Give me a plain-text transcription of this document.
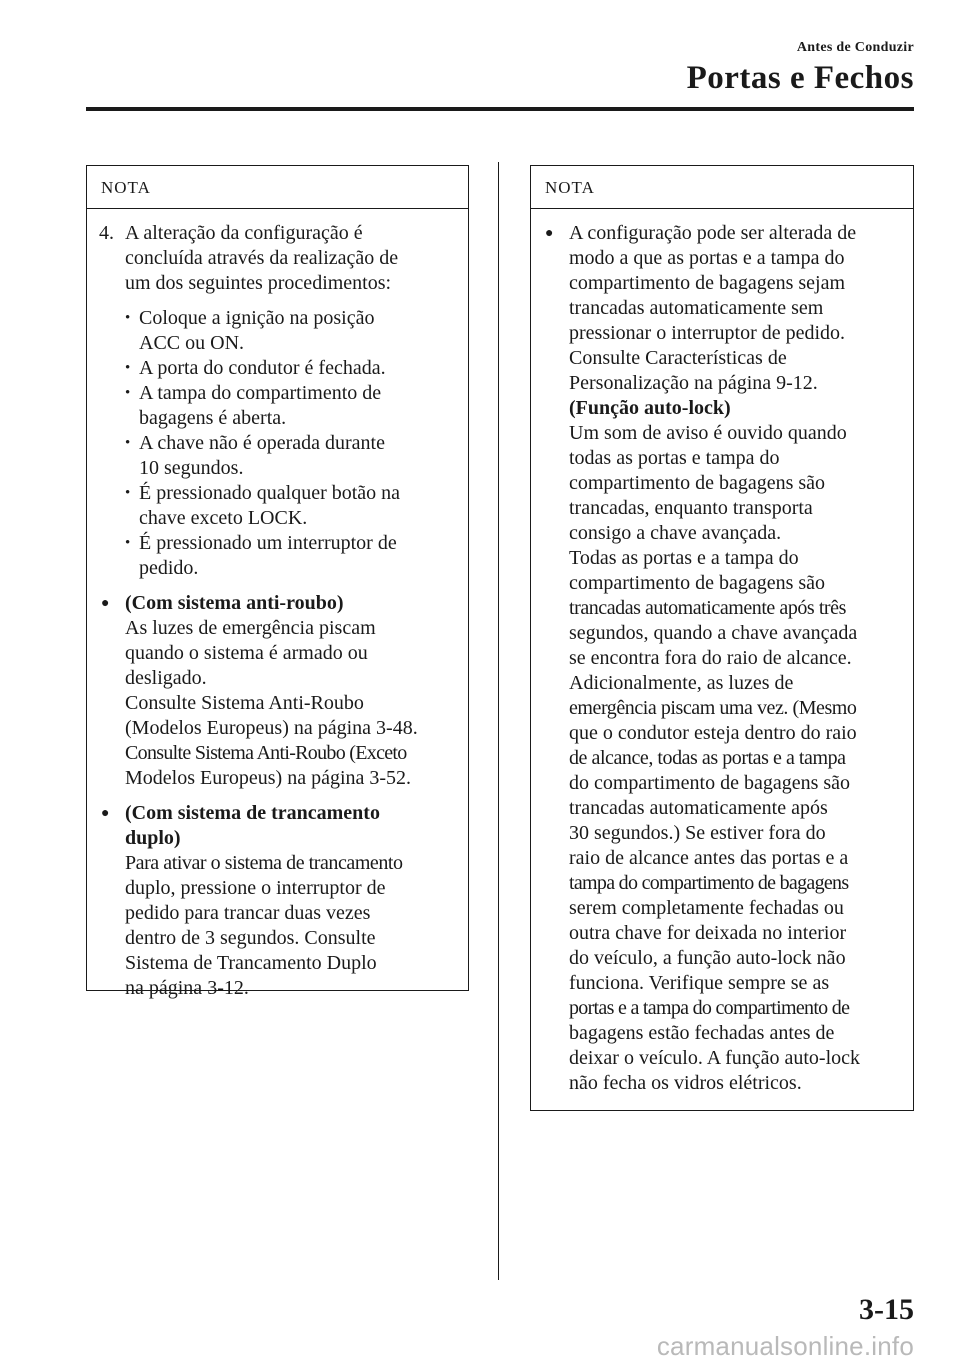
Antes de Conduzir
Portas e Fechos
NOTA
4. A alteração da configuração é
concluída através da realização de
um dos seguintes procedimentos:
• Coloque a ignição na posição
ACC ou ON.
• A porta do condutor é fechada.
• A tampa do compartimento de
bagagens é aberta.
• A chave não é operada durante
10 segundos.
• É pressionado qualquer botão na
chave exceto LOCK.
• É pressionado um interruptor de
pedido.
● (Com sistema anti-roubo)
As luzes de emergência piscam
quando o sistema é armado ou
desligado.
Consulte Sistema Anti-Roubo
(Modelos Europeus) na página 3-48.
Consulte Sistema Anti-Roubo (Exceto
Modelos Europeus) na página 3-52.
● (Com sistema de trancamento
duplo)
Para ativar o sistema de trancamento
duplo, pressione o interruptor de
pedido para trancar duas vezes
dentro de 3 segundos. Consulte
Sistema de Trancamento Duplo
na página 3-12.
NOTA
● A configuração pode ser alterada de
modo a que as portas e a tampa do
compartimento de bagagens sejam
trancadas automaticamente sem
pressionar o interruptor de pedido.
Consulte Características de
Personalização na página 9-12.
(Função auto-lock)
Um som de aviso é ouvido quando
todas as portas e tampa do
compartimento de bagagens são
trancadas, enquanto transporta
consigo a chave avançada.
Todas as portas e a tampa do
compartimento de bagagens são
trancadas automaticamente após três
segundos, quando a chave avançada
se encontra fora do raio de alcance.
Adicionalmente, as luzes de
emergência piscam uma vez. (Mesmo
que o condutor esteja dentro do raio
de alcance, todas as portas e a tampa
do compartimento de bagagens são
trancadas automaticamente após
30 segundos.) Se estiver fora do
raio de alcance antes das portas e a
tampa do compartimento de bagagens
serem completamente fechadas ou
outra chave for deixada no interior
do veículo, a função auto-lock não
funciona. Verifique sempre se as
portas e a tampa do compartimento de
bagagens estão fechadas antes de
deixar o veículo. A função auto-lock
não fecha os vidros elétricos.
3-15
carmanualsonline.info
